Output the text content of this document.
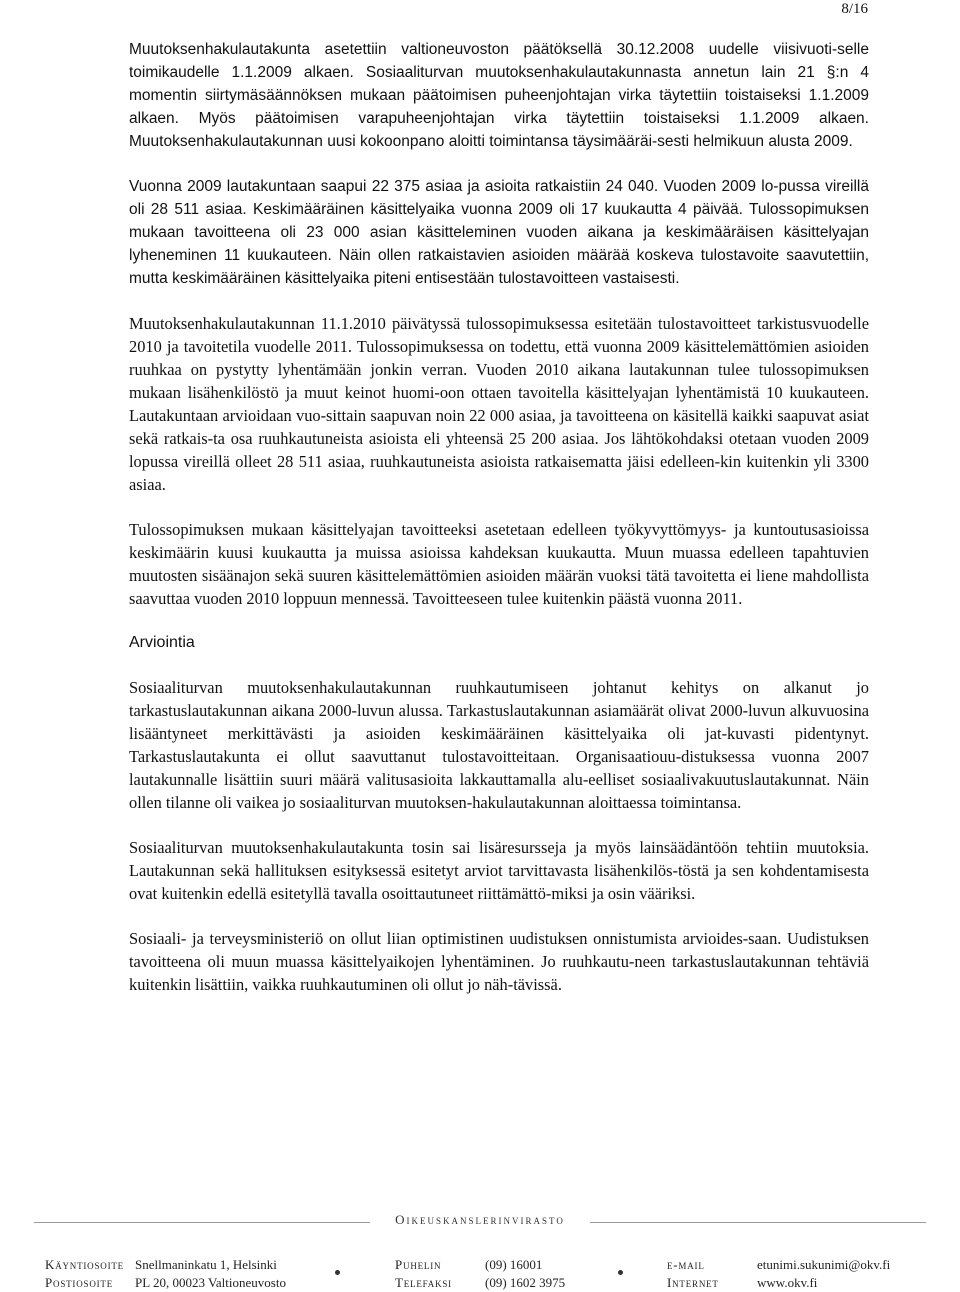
8/16

Muutoksenhakulautakunta asetettiin valtioneuvoston päätöksellä 30.12.2008 uudelle viisivuoti-selle toimikaudelle 1.1.2009 alkaen. Sosiaaliturvan muutoksenhakulautakunnasta annetun lain 21 §:n 4 momentin siirtymäsäännöksen mukaan päätoimisen puheenjohtajan virka täytettiin toistaiseksi 1.1.2009 alkaen. Myös päätoimisen varapuheenjohtajan virka täytettiin toistaiseksi 1.1.2009 alkaen. Muutoksenhakulautakunnan uusi kokoonpano aloitti toimintansa täysimääräi-sesti helmikuun alusta 2009.

Vuonna 2009 lautakuntaan saapui 22 375 asiaa ja asioita ratkaistiin 24 040. Vuoden 2009 lo-pussa vireillä oli 28 511 asiaa. Keskimääräinen käsittelyaika vuonna 2009 oli 17 kuukautta 4 päivää. Tulossopimuksen mukaan tavoitteena oli 23 000 asian käsitteleminen vuoden aikana ja keskimääräisen käsittelyajan lyheneminen 11 kuukauteen. Näin ollen ratkaistavien asioiden määrää koskeva tulostavoite saavutettiin, mutta keskimääräinen käsittelyaika piteni entisestään tulostavoitteen vastaisesti.

Muutoksenhakulautakunnan 11.1.2010 päivätyssä tulossopimuksessa esitetään tulostavoitteet tarkistusvuodelle 2010 ja tavoitetila vuodelle 2011. Tulossopimuksessa on todettu, että vuonna 2009 käsittelemättömien asioiden ruuhkaa on pystytty lyhentämään jonkin verran. Vuoden 2010 aikana lautakunnan tulee tulossopimuksen mukaan lisähenkilöstö ja muut keinot huomi-oon ottaen tavoitella käsittelyajan lyhentämistä 10 kuukauteen. Lautakuntaan arvioidaan vuo-sittain saapuvan noin 22 000 asiaa, ja tavoitteena on käsitellä kaikki saapuvat asiat sekä ratkais-ta osa ruuhkautuneista asioista eli yhteensä 25 200 asiaa. Jos lähtökohdaksi otetaan vuoden 2009 lopussa vireillä olleet 28 511 asiaa, ruuhkautuneista asioista ratkaisematta jäisi edelleen-kin kuitenkin yli 3300 asiaa.

Tulossopimuksen mukaan käsittelyajan tavoitteeksi asetetaan edelleen työkyvyttömyys- ja kuntoutusasioissa keskimäärin kuusi kuukautta ja muissa asioissa kahdeksan kuukautta. Muun muassa edelleen tapahtuvien muutosten sisäänajon sekä suuren käsittelemättömien asioiden määrän vuoksi tätä tavoitetta ei liene mahdollista saavuttaa vuoden 2010 loppuun mennessä. Tavoitteeseen tulee kuitenkin päästä vuonna 2011.

Arviointia

Sosiaaliturvan muutoksenhakulautakunnan ruuhkautumiseen johtanut kehitys on alkanut jo tarkastuslautakunnan aikana 2000-luvun alussa. Tarkastuslautakunnan asiamäärät olivat 2000-luvun alkuvuosina lisääntyneet merkittävästi ja asioiden keskimääräinen käsittelyaika oli jat-kuvasti pidentynyt. Tarkastuslautakunta ei ollut saavuttanut tulostavoitteitaan. Organisaatiouu-distuksessa vuonna 2007 lautakunnalle lisättiin suuri määrä valitusasioita lakkauttamalla alu-eelliset sosiaalivakuutuslautakunnat. Näin ollen tilanne oli vaikea jo sosiaaliturvan muutoksen-hakulautakunnan aloittaessa toimintansa.

Sosiaaliturvan muutoksenhakulautakunta tosin sai lisäresursseja ja myös lainsäädäntöön tehtiin muutoksia. Lautakunnan sekä hallituksen esityksessä esitetyt arviot tarvittavasta lisähenkilös-töstä ja sen kohdentamisesta ovat kuitenkin edellä esitetyllä tavalla osoittautuneet riittämättö-miksi ja osin vääriksi.

Sosiaali- ja terveysministeriö on ollut liian optimistinen uudistuksen onnistumista arvioides-saan. Uudistuksen tavoitteena oli muun muassa käsittelyaikojen lyhentäminen. Jo ruuhkautu-neen tarkastuslautakunnan tehtäviä kuitenkin lisättiin, vaikka ruuhkautuminen oli ollut jo näh-tävissä.

Oikeuskanslerinvirasto
Käyntiosoite
Postiosoite
Snellmaninkatu 1, Helsinki
PL 20, 00023 Valtioneuvosto
Puhelin
Telefaksi
(09) 16001
(09) 1602 3975
e-mail
Internet
etunimi.sukunimi@okv.fi
www.okv.fi
